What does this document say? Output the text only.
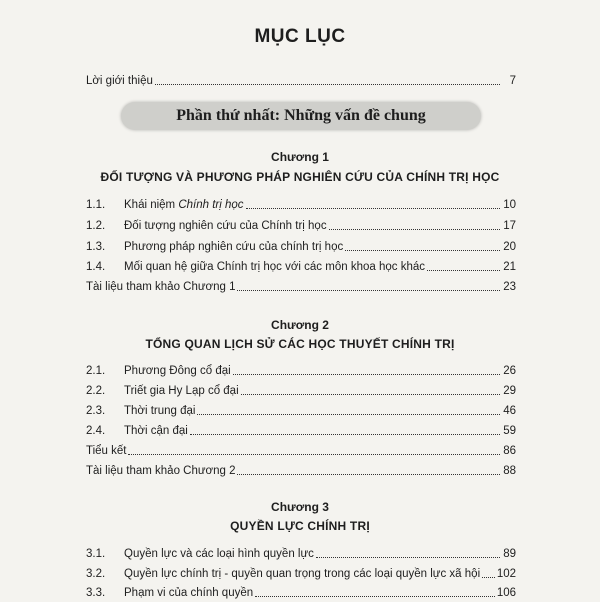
MỤC LỤC
Lời giới thiệu	7
Phần thứ nhất: Những vấn đề chung
Chương 1
ĐỐI TƯỢNG VÀ PHƯƠNG PHÁP NGHIÊN CỨU CỦA CHÍNH TRỊ HỌC
1.1.	Khái niệm Chính trị học	10
1.2.	Đối tượng nghiên cứu của Chính trị học	17
1.3.	Phương pháp nghiên cứu của chính trị học	20
1.4.	Mối quan hệ giữa Chính trị học với các môn khoa học khác	21
Tài liệu tham khảo Chương 1	23
Chương 2
TỔNG QUAN LỊCH SỬ CÁC HỌC THUYẾT CHÍNH TRỊ
2.1.	Phương Đông cổ đại	26
2.2.	Triết gia Hy Lạp cổ đại	29
2.3.	Thời trung đại	46
2.4.	Thời cận đại	59
Tiểu kết	86
Tài liệu tham khảo Chương 2	88
Chương 3
QUYỀN LỰC CHÍNH TRỊ
3.1.	Quyền lực và các loại hình quyền lực	89
3.2.	Quyền lực chính trị - quyền quan trọng trong các loại quyền lực xã hội 102
3.3.	Phạm vi của chính quyền	106
